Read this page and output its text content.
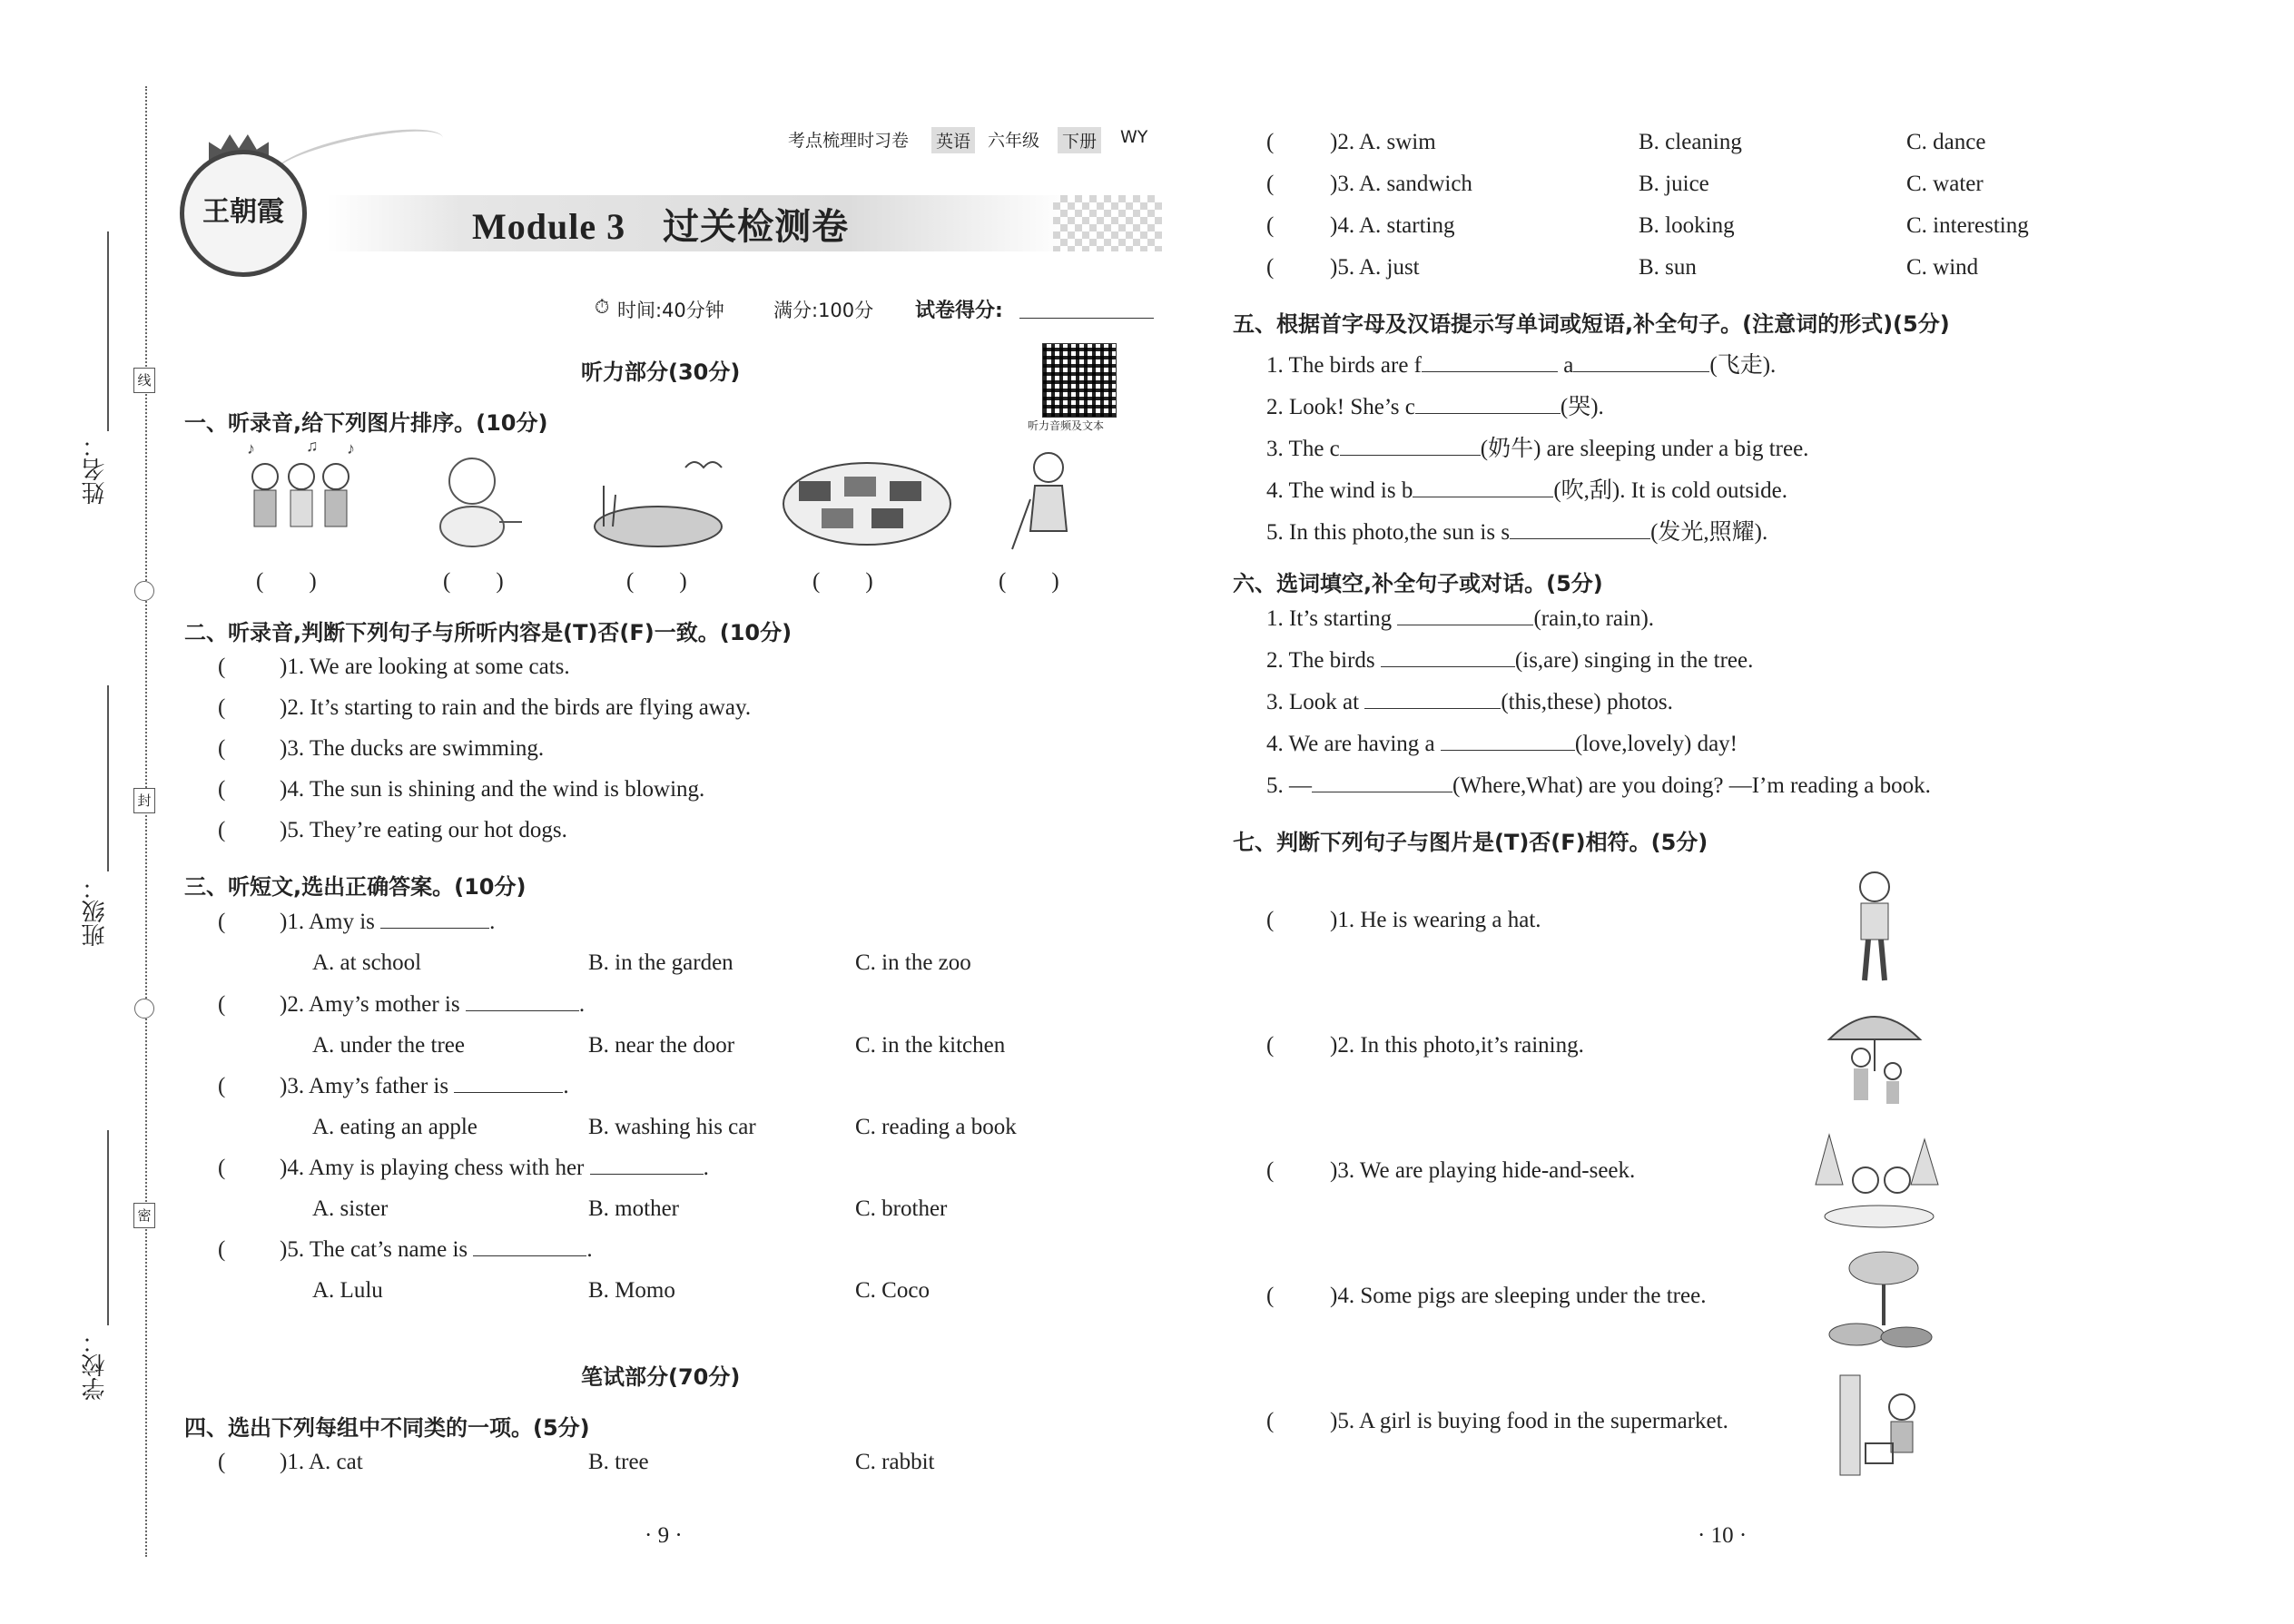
姓名：
班级：
学校：
线
封
密
王朝霞
考点梳理时习卷 英语 六年级 下册 WY
Module 3　过关检测卷
⏱ 时间:40分钟	满分:100分 试卷得分:
听力部分(30分)
听力音频及文本
一、听录音,给下列图片排序。(10分)
♪	♫ ♪
(　　)	(　　)	(　　)	(　　)	(　　)
二、听录音,判断下列句子与所听内容是(T)否(F)一致。(10分)
( )1. We are looking at some cats.
( )2. It’s starting to rain and the birds are flying away.
( )3. The ducks are swimming.
( )4. The sun is shining and the wind is blowing.
( )5. They’re eating our hot dogs.
三、听短文,选出正确答案。(10分)
( )1. Amy is	.
A. at school	B. in the garden	C. in the zoo
( )2. Amy’s mother is	.
A. under the tree	B. near the door	C. in the kitchen
( )3. Amy’s father is	.
A. eating an apple	B. washing his car	C. reading a book
( )4. Amy is playing chess with her	.
A. sister	B. mother	C. brother
( )5. The cat’s name is	.
A. Lulu	B. Momo	C. Coco
笔试部分(70分)
四、选出下列每组中不同类的一项。(5分)
( )1. A. cat	B. tree	C. rabbit
· 9 ·
( )2. A. swim	B. cleaning	C. dance
( )3. A. sandwich	B. juice	C. water
( )4. A. starting	B. looking	C. interesting
( )5. A. just	B. sun	C. wind
五、根据首字母及汉语提示写单词或短语,补全句子。(注意词的形式)(5分)
1. The birds are f	a	(飞走).
2. Look! She’s c	(哭).
3. The c	(奶牛) are sleeping under a big tree.
4. The wind is b	(吹,刮). It is cold outside.
5. In this photo,the sun is s	(发光,照耀).
六、选词填空,补全句子或对话。(5分)
1. It’s starting	(rain,to rain).
2. The birds	(is,are) singing in the tree.
3. Look at	(this,these) photos.
4. We are having a	(love,lovely) day!
5. —	(Where,What) are you doing? —I’m reading a book.
七、判断下列句子与图片是(T)否(F)相符。(5分)
( )1. He is wearing a hat.
( )2. In this photo,it’s raining.
( )3. We are playing hide-and-seek.
( )4. Some pigs are sleeping under the tree.
( )5. A girl is buying food in the supermarket.
· 10 ·
